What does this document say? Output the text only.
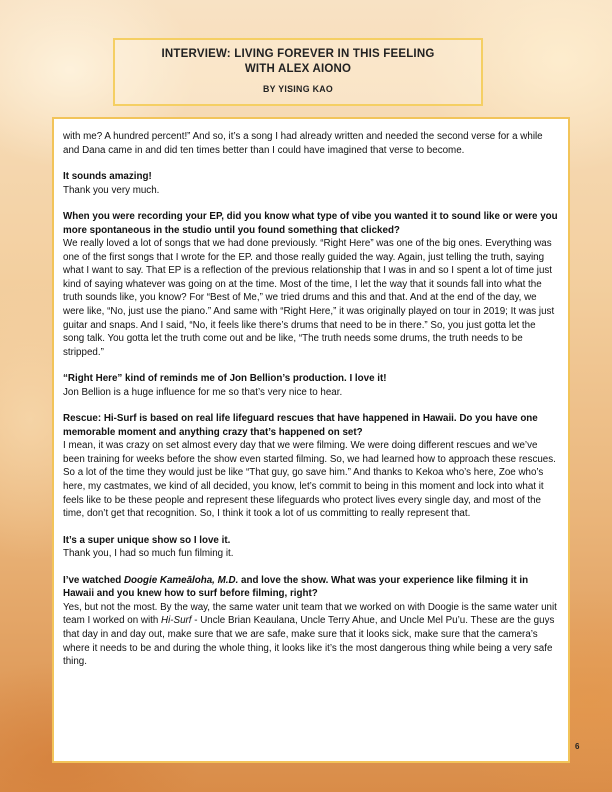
INTERVIEW: LIVING FOREVER IN THIS FEELING
WITH ALEX AIONO
BY YISING KAO

with me? A hundred percent!” And so, it’s a song I had already written and needed the second verse for a while and Dana came in and did ten times better than I could have imagined that verse to become.

It sounds amazing!
Thank you very much.

When you were recording your EP, did you know what type of vibe you wanted it to sound like or were you more spontaneous in the studio until you found something that clicked?
We really loved a lot of songs that we had done previously. “Right Here” was one of the big ones. Everything was one of the first songs that I wrote for the EP. and those really guided the way. Again, just telling the truth, saying what I want to say. That EP is a reflection of the previous relationship that I was in and so I spent a lot of time just kind of saying whatever was going on at the time. Most of the time, I let the way that it sounds fall into what the truth sounds like, you know? For “Best of Me,” we tried drums and this and that. And at the end of the day, we were like, “No, just use the piano.” And same with “Right Here,” it was originally played on tour in 2019; It was just guitar and snaps. And I said, “No, it feels like there’s drums that need to be in there.” So, you just gotta let the song talk. You gotta let the truth come out and be like, “The truth needs some drums, the truth needs to be stripped.”

“Right Here” kind of reminds me of Jon Bellion’s production. I love it!
Jon Bellion is a huge influence for me so that’s very nice to hear.

Rescue: Hi-Surf is based on real life lifeguard rescues that have happened in Hawaii. Do you have one memorable moment and anything crazy that’s happened on set?
I mean, it was crazy on set almost every day that we were filming. We were doing different rescues and we’ve been training for weeks before the show even started filming. So, we had learned how to approach these rescues. So a lot of the time they would just be like “That guy, go save him.” And thanks to Kekoa who’s here, Zoe who’s here, my castmates, we kind of all decided, you know, let’s commit to being in this moment and lock into what it feels like to be these people and represent these lifeguards who protect lives every single day, and most of the time, don’t get that recognition. So, I think it took a lot of us committing to really represent that.

It’s a super unique show so I love it.
Thank you, I had so much fun filming it.

I’ve watched Doogie Kameāloha, M.D. and love the show. What was your experience like filming it in Hawaii and you knew how to surf before filming, right?
Yes, but not the most. By the way, the same water unit team that we worked on with Doogie is the same water unit team I worked on with Hi-Surf - Uncle Brian Keaulana, Uncle Terry Ahue, and Uncle Mel Pu’u. These are the guys that day in and day out, make sure that we are safe, make sure that it looks sick, make sure that the camera’s where it needs to be and during the whole thing, it looks like it’s the most dangerous thing while being a very safe thing.

6
